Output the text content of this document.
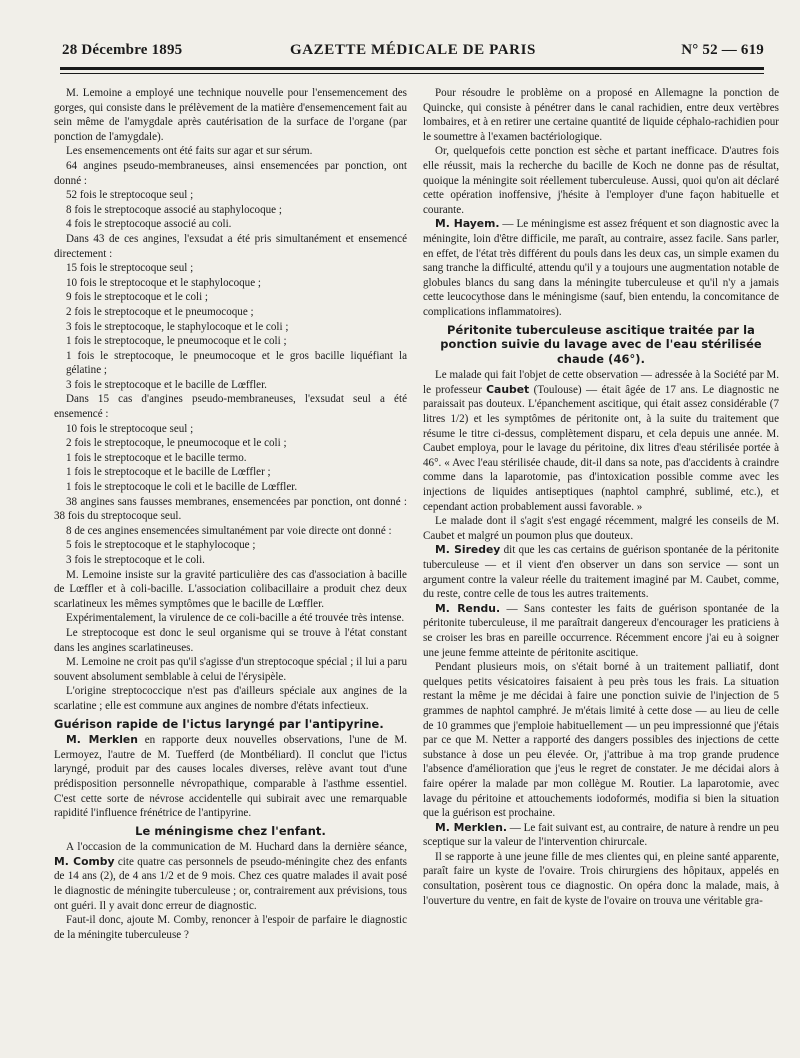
28 Décembre 1895	GAZETTE MÉDICALE DE PARIS	N° 52 — 619

M. Lemoine a employé une technique nouvelle pour l'ensemencement des gorges, qui consiste dans le prélèvement de la matière d'ensemencement fait au sein même de l'amygdale après cautérisation de la surface de l'organe (par ponction de l'amygdale).

Les ensemencements ont été faits sur agar et sur sérum.

64 angines pseudo-membraneuses, ainsi ensemencées par ponction, ont donné :

52 fois le streptocoque seul ;

8 fois le streptocoque associé au staphylocoque ;

4 fois le streptocoque associé au coli.

Dans 43 de ces angines, l'exsudat a été pris simultanément et ensemencé directement :

15 fois le streptocoque seul ;

10 fois le streptocoque et le staphylocoque ;

9 fois le streptocoque et le coli ;

2 fois le streptocoque et le pneumocoque ;

3 fois le streptocoque, le staphylocoque et le coli ;

1 fois le streptocoque, le pneumocoque et le coli ;

1 fois le streptocoque, le pneumocoque et le gros bacille liquéfiant la gélatine ;

3 fois le streptocoque et le bacille de Lœffler.

Dans 15 cas d'angines pseudo-membraneuses, l'exsudat seul a été ensemencé :

10 fois le streptocoque seul ;

2 fois le streptocoque, le pneumocoque et le coli ;

1 fois le streptocoque et le bacille termo.

1 fois le streptocoque et le bacille de Lœffler ;

1 fois le streptocoque le coli et le bacille de Lœffler.

38 angines sans fausses membranes, ensemencées par ponction, ont donné : 38 fois du streptocoque seul.

8 de ces angines ensemencées simultanément par voie directe ont donné :

5 fois le streptocoque et le staphylocoque ;

3 fois le streptocoque et le coli.

M. Lemoine insiste sur la gravité particulière des cas d'association à bacille de Lœffler et à coli-bacille. L'association colibacillaire a produit chez deux scarlatineux les mêmes symptômes que le bacille de Lœffler.

Expérimentalement, la virulence de ce coli-bacille a été trouvée très intense.

Le streptocoque est donc le seul organisme qui se trouve à l'état constant dans les angines scarlatineuses.

M. Lemoine ne croit pas qu'il s'agisse d'un streptocoque spécial ; il lui a paru souvent absolument semblable à celui de l'érysipèle.

L'origine streptococcique n'est pas d'ailleurs spéciale aux angines de la scarlatine ; elle est commune aux angines de nombre d'états infectieux.

Guérison rapide de l'ictus laryngé par l'antipyrine.

M. Merklen en rapporte deux nouvelles observations, l'une de M. Lermoyez, l'autre de M. Tuefferd (de Montbéliard). Il conclut que l'ictus laryngé, produit par des causes locales diverses, relève avant tout d'une prédisposition personnelle névropathique, comparable à l'asthme essentiel. C'est cette sorte de névrose accidentelle qui subirait avec une remarquable rapidité l'influence frénétrice de l'antipyrine.

Le méningisme chez l'enfant.

A l'occasion de la communication de M. Huchard dans la dernière séance, M. Comby cite quatre cas personnels de pseudo-méningite chez des enfants de 14 ans (2), de 4 ans 1/2 et de 9 mois. Chez ces quatre malades il avait posé le diagnostic de méningite tuberculeuse ; or, contrairement aux prévisions, tous ont guéri. Il y avait donc erreur de diagnostic.

Faut-il donc, ajoute M. Comby, renoncer à l'espoir de parfaire le diagnostic de la méningite tuberculeuse ?

Pour résoudre le problème on a proposé en Allemagne la ponction de Quincke, qui consiste à pénétrer dans le canal rachidien, entre deux vertèbres lombaires, et à en retirer une certaine quantité de liquide céphalo-rachidien pour le soumettre à l'examen bactériologique.

Or, quelquefois cette ponction est sèche et partant inefficace. D'autres fois elle réussit, mais la recherche du bacille de Koch ne donne pas de résultat, quoique la méningite soit réellement tuberculeuse. Aussi, quoi qu'on ait déclaré cette opération inoffensive, j'hésite à l'employer d'une façon habituelle et courante.

M. Hayem. — Le méningisme est assez fréquent et son diagnostic avec la méningite, loin d'être difficile, me paraît, au contraire, assez facile. Sans parler, en effet, de l'état très différent du pouls dans les deux cas, un simple examen du sang tranche la difficulté, attendu qu'il y a toujours une augmentation notable de globules blancs du sang dans la méningite tuberculeuse et qu'il n'y a jamais cette leucocythose dans le méningisme (sauf, bien entendu, la concomitance de complications inflammatoires).

Péritonite tuberculeuse ascitique traitée par la ponction suivie du lavage avec de l'eau stérilisée chaude (46°).

Le malade qui fait l'objet de cette observation — adressée à la Société par M. le professeur Caubet (Toulouse) — était âgée de 17 ans. Le diagnostic ne paraissait pas douteux. L'épanchement ascitique, qui était assez considérable (7 litres 1/2) et les symptômes de péritonite ont, à la suite du traitement que résume le titre ci-dessus, complètement disparu, et cela depuis une année. M. Caubet employa, pour le lavage du péritoine, dix litres d'eau stérilisée portée à 46°. « Avec l'eau stérilisée chaude, dit-il dans sa note, pas d'accidents à craindre comme dans la laparotomie, pas d'intoxication possible comme avec les injections de liquides antiseptiques (naphtol camphré, sublimé, etc.), et cependant action probablement aussi favorable. »

Le malade dont il s'agit s'est engagé récemment, malgré les conseils de M. Caubet et malgré un poumon plus que douteux.

M. Siredey dit que les cas certains de guérison spontanée de la péritonite tuberculeuse — et il vient d'en observer un dans son service — sont un argument contre la valeur réelle du traitement imaginé par M. Caubet, comme, du reste, contre celle de tous les autres traitements.

M. Rendu. — Sans contester les faits de guérison spontanée de la péritonite tuberculeuse, il me paraîtrait dangereux d'encourager les praticiens à se croiser les bras en pareille occurrence. Récemment encore j'ai eu à soigner une jeune femme atteinte de péritonite ascitique.

Pendant plusieurs mois, on s'était borné à un traitement palliatif, dont quelques petits vésicatoires faisaient à peu près tous les frais. La situation restant la même je me décidai à faire une ponction suivie de l'injection de 5 grammes de naphtol camphré. Je m'étais limité à cette dose — au lieu de celle de 10 grammes que j'emploie habituellement — un peu impressionné que j'étais par ce que M. Netter a rapporté des dangers possibles des injections de cette substance à dose un peu élevée. Or, j'attribue à ma trop grande prudence l'absence d'amélioration que j'eus le regret de constater. Je me décidai alors à faire opérer la malade par mon collègue M. Routier. La laparotomie, avec lavage du péritoine et attouchements iodoformés, modifia si bien la situation que la guérison est prochaine.

M. Merklen. — Le fait suivant est, au contraire, de nature à rendre un peu sceptique sur la valeur de l'intervention chirurcale.

Il se rapporte à une jeune fille de mes clientes qui, en pleine santé apparente, paraît faire un kyste de l'ovaire. Trois chirurgiens des hôpitaux, appelés en consultation, posèrent tous ce diagnostic. On opéra donc la malade, mais, à l'ouverture du ventre, en fait de kyste de l'ovaire on trouva une véritable gra-
